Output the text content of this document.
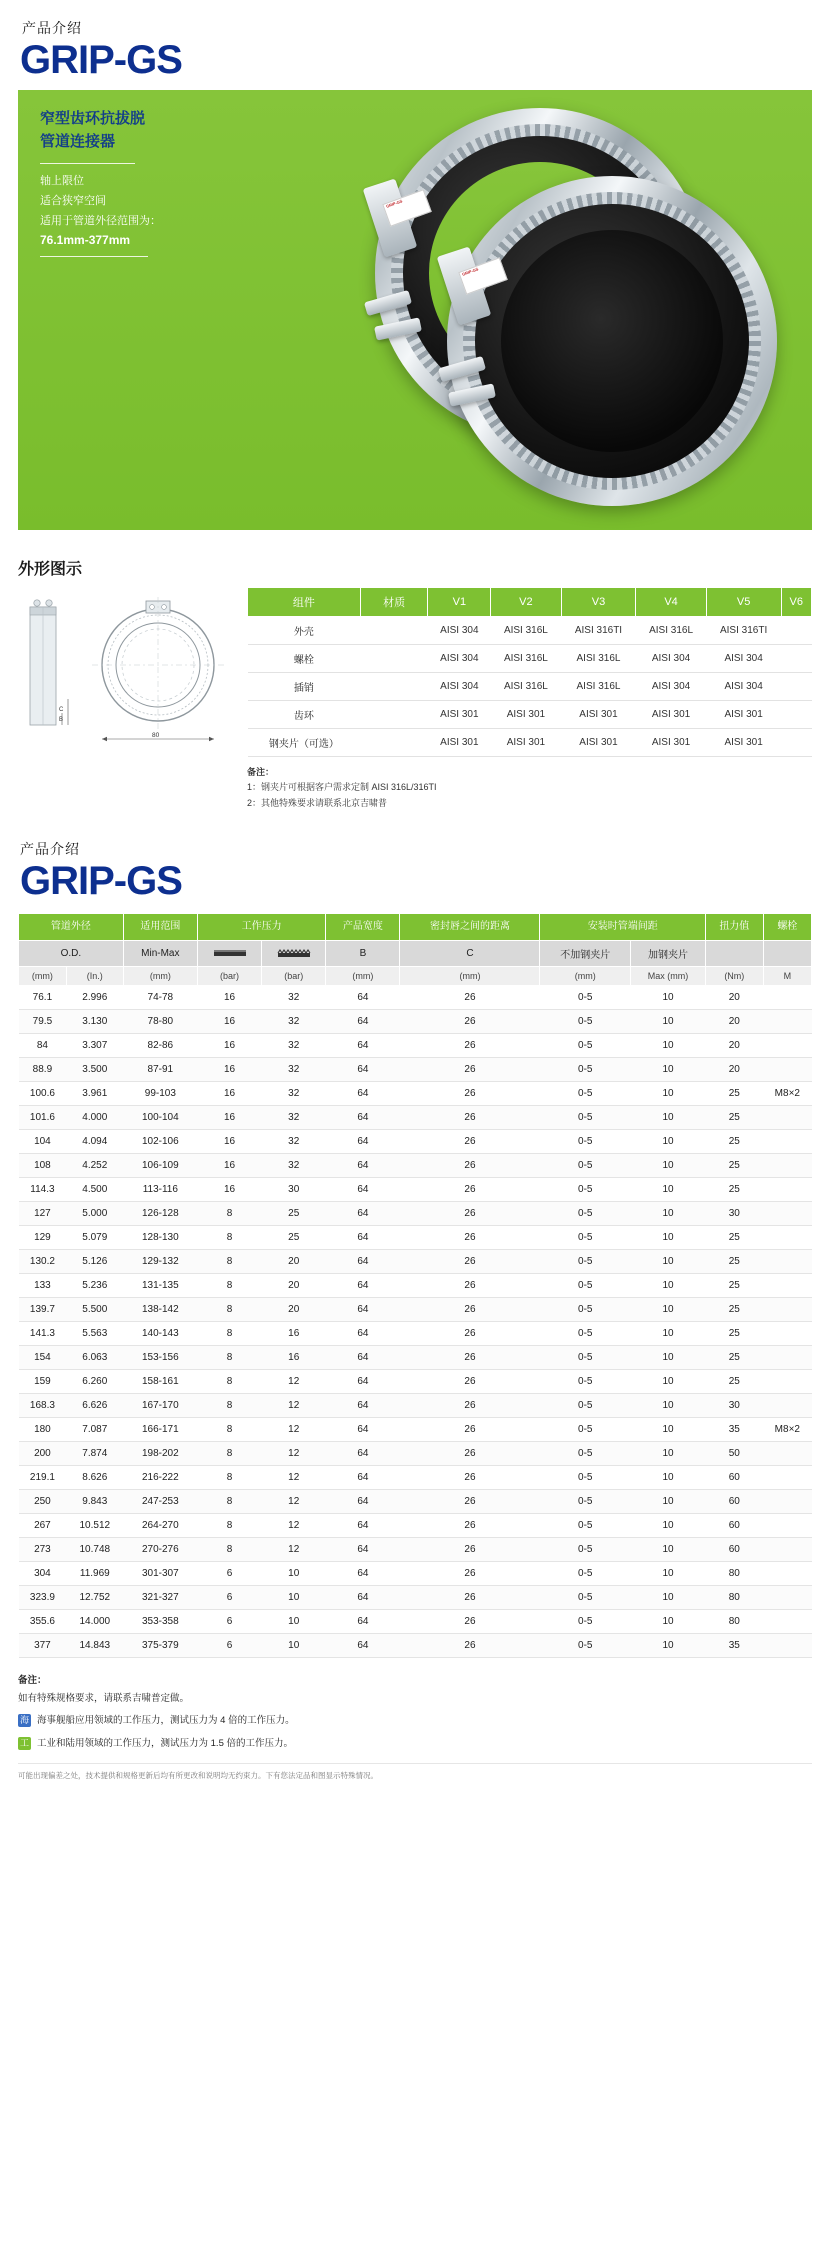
产品介绍
GRIP-GS
窄型齿环抗拔脱
管道连接器
轴上限位
适合狭窄空间
适用于管道外径范围为：
76.1mm-377mm
GRIP-GS
GRIP-GS
外形图示
C
B
80
组件	材质	V1	V2	V3	V4	V5	V6
外壳		AISI 304	AISI 316L	AISI 316TI	AISI 316L	AISI 316TI	
螺栓		AISI 304	AISI 316L	AISI 316L	AISI 304	AISI 304	
插销		AISI 304	AISI 316L	AISI 316L	AISI 304	AISI 304	
齿环		AISI 301	AISI 301	AISI 301	AISI 301	AISI 301	
钢夹片（可选）		AISI 301	AISI 301	AISI 301	AISI 301	AISI 301	
备注：
1：钢夹片可根据客户需求定制 AISI 316L/316TI
2：其他特殊要求请联系北京吉啸普
产品介绍
GRIP-GS
管道外径		适用范围	工作压力		产品宽度	密封唇之间的距离	安装时管端间距		扭力值	螺栓
O.D.		Min-Max			B	C	不加钢夹片	加钢夹片		
(mm)	(In.)	(mm)	(bar)	(bar)	(mm)	(mm)	(mm)	Max (mm)	(Nm)	M
76.1	2.996	74-78	16	32	64	26	0-5	10	20	
79.5	3.130	78-80	16	32	64	26	0-5	10	20	
84	3.307	82-86	16	32	64	26	0-5	10	20	
88.9	3.500	87-91	16	32	64	26	0-5	10	20	
100.6	3.961	99-103	16	32	64	26	0-5	10	25	M8×2
101.6	4.000	100-104	16	32	64	26	0-5	10	25	
104	4.094	102-106	16	32	64	26	0-5	10	25	
108	4.252	106-109	16	32	64	26	0-5	10	25	
114.3	4.500	113-116	16	30	64	26	0-5	10	25	
127	5.000	126-128	8	25	64	26	0-5	10	30	
129	5.079	128-130	8	25	64	26	0-5	10	25	
130.2	5.126	129-132	8	20	64	26	0-5	10	25	
133	5.236	131-135	8	20	64	26	0-5	10	25	
139.7	5.500	138-142	8	20	64	26	0-5	10	25	
141.3	5.563	140-143	8	16	64	26	0-5	10	25	
154	6.063	153-156	8	16	64	26	0-5	10	25	
159	6.260	158-161	8	12	64	26	0-5	10	25	
168.3	6.626	167-170	8	12	64	26	0-5	10	30	
180	7.087	166-171	8	12	64	26	0-5	10	35	M8×2
200	7.874	198-202	8	12	64	26	0-5	10	50	
219.1	8.626	216-222	8	12	64	26	0-5	10	60	
250	9.843	247-253	8	12	64	26	0-5	10	60	
267	10.512	264-270	8	12	64	26	0-5	10	60	
273	10.748	270-276	8	12	64	26	0-5	10	60	
304	11.969	301-307	6	10	64	26	0-5	10	80	
323.9	12.752	321-327	6	10	64	26	0-5	10	80	
355.6	14.000	353-358	6	10	64	26	0-5	10	80	
377	14.843	375-379	6	10	64	26	0-5	10	35	
备注：
如有特殊规格要求，请联系吉啸普定做。
海 海事舰船应用领域的工作压力，测试压力为 4 倍的工作压力。
工 工业和陆用领域的工作压力，测试压力为 1.5 倍的工作压力。
可能出现偏差之处，技术提供和规格更新后均有所更改和说明均无约束力。下有您法定品和图显示特殊情况。
